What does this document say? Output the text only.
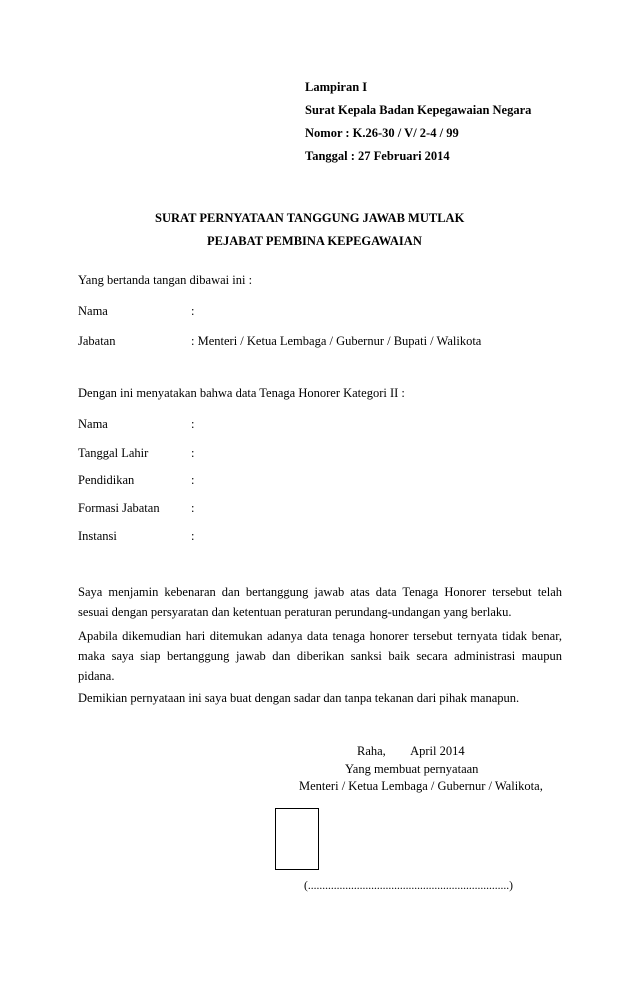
Lampiran I
Surat Kepala Badan Kepegawaian Negara
Nomor : K.26-30 / V/ 2-4 / 99
Tanggal : 27 Februari 2014
SURAT PERNYATAAN TANGGUNG JAWAB MUTLAK
PEJABAT PEMBINA KEPEGAWAIAN
Yang bertanda tangan dibawai ini :
Nama	:
Jabatan	: Menteri / Ketua Lembaga / Gubernur / Bupati / Walikota
Dengan ini menyatakan bahwa data Tenaga Honorer Kategori II :
Nama	:
Tanggal Lahir	:
Pendidikan	:
Formasi Jabatan	:
Instansi	:
Saya menjamin kebenaran dan bertanggung jawab atas data Tenaga Honorer tersebut telah sesuai dengan persyaratan dan ketentuan peraturan perundang-undangan yang berlaku.
Apabila dikemudian hari ditemukan adanya data tenaga honorer tersebut ternyata tidak benar, maka saya siap bertanggung jawab dan diberikan sanksi baik secara administrasi maupun pidana.
Demikian pernyataan ini saya buat dengan sadar dan tanpa tekanan dari pihak manapun.
Raha,        April 2014
Yang membuat pernyataan
Menteri / Ketua Lembaga / Gubernur / Walikota,
(......................................................................)
